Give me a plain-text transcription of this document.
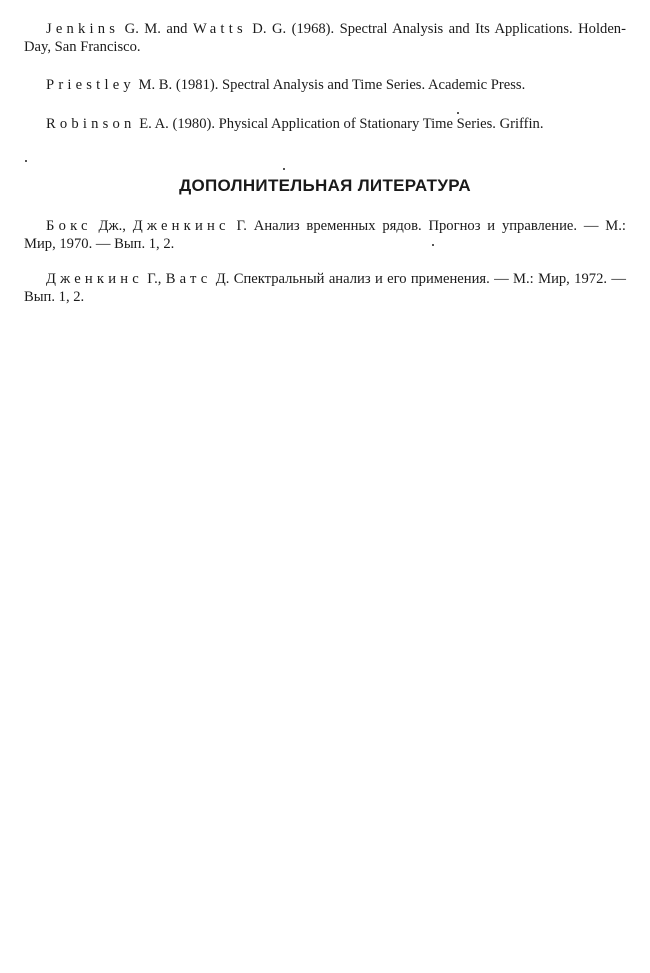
Jenkins G. M. and Watts D. G. (1968). Spectral Analysis and Its Applications. Holden-Day, San Francisco.

Priestley M. B. (1981). Spectral Analysis and Time Series. Academic Press.

Robinson E. A. (1980). Physical Application of Stationary Time Series. Griffin.

ДОПОЛНИТЕЛЬНАЯ ЛИТЕРАТУРА

Бокс Дж., Дженкинс Г. Анализ временных рядов. Прогноз и управление. — М.: Мир, 1970. — Вып. 1, 2.

Дженкинс Г., Ватс Д. Спектральный анализ и его применения. — М.: Мир, 1972. — Вып. 1, 2.
